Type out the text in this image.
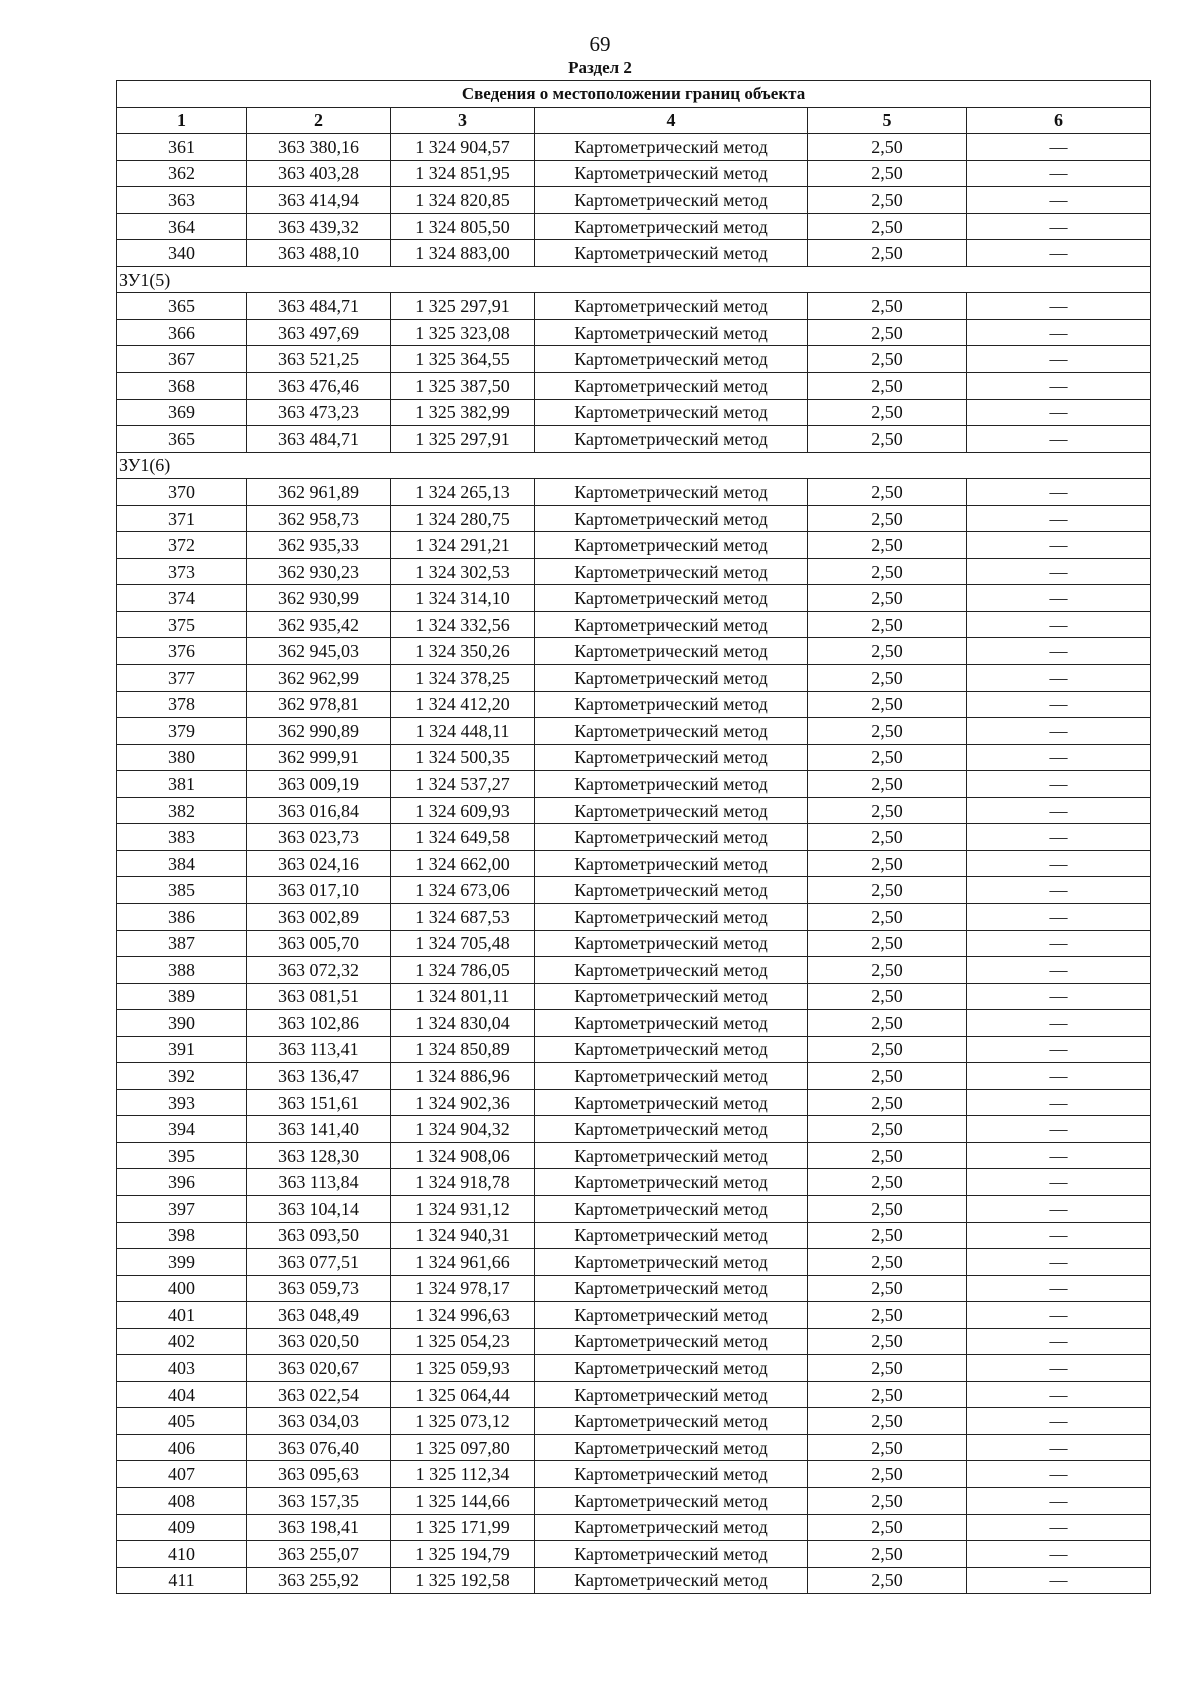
69
Раздел 2
Сведения о местоположении границ объекта					
1	2	3	4	5	6
361	363 380,16	1 324 904,57	Картометрический метод	2,50	—
362	363 403,28	1 324 851,95	Картометрический метод	2,50	—
363	363 414,94	1 324 820,85	Картометрический метод	2,50	—
364	363 439,32	1 324 805,50	Картометрический метод	2,50	—
340	363 488,10	1 324 883,00	Картометрический метод	2,50	—
ЗУ1(5)					
365	363 484,71	1 325 297,91	Картометрический метод	2,50	—
366	363 497,69	1 325 323,08	Картометрический метод	2,50	—
367	363 521,25	1 325 364,55	Картометрический метод	2,50	—
368	363 476,46	1 325 387,50	Картометрический метод	2,50	—
369	363 473,23	1 325 382,99	Картометрический метод	2,50	—
365	363 484,71	1 325 297,91	Картометрический метод	2,50	—
ЗУ1(6)					
370	362 961,89	1 324 265,13	Картометрический метод	2,50	—
371	362 958,73	1 324 280,75	Картометрический метод	2,50	—
372	362 935,33	1 324 291,21	Картометрический метод	2,50	—
373	362 930,23	1 324 302,53	Картометрический метод	2,50	—
374	362 930,99	1 324 314,10	Картометрический метод	2,50	—
375	362 935,42	1 324 332,56	Картометрический метод	2,50	—
376	362 945,03	1 324 350,26	Картометрический метод	2,50	—
377	362 962,99	1 324 378,25	Картометрический метод	2,50	—
378	362 978,81	1 324 412,20	Картометрический метод	2,50	—
379	362 990,89	1 324 448,11	Картометрический метод	2,50	—
380	362 999,91	1 324 500,35	Картометрический метод	2,50	—
381	363 009,19	1 324 537,27	Картометрический метод	2,50	—
382	363 016,84	1 324 609,93	Картометрический метод	2,50	—
383	363 023,73	1 324 649,58	Картометрический метод	2,50	—
384	363 024,16	1 324 662,00	Картометрический метод	2,50	—
385	363 017,10	1 324 673,06	Картометрический метод	2,50	—
386	363 002,89	1 324 687,53	Картометрический метод	2,50	—
387	363 005,70	1 324 705,48	Картометрический метод	2,50	—
388	363 072,32	1 324 786,05	Картометрический метод	2,50	—
389	363 081,51	1 324 801,11	Картометрический метод	2,50	—
390	363 102,86	1 324 830,04	Картометрический метод	2,50	—
391	363 113,41	1 324 850,89	Картометрический метод	2,50	—
392	363 136,47	1 324 886,96	Картометрический метод	2,50	—
393	363 151,61	1 324 902,36	Картометрический метод	2,50	—
394	363 141,40	1 324 904,32	Картометрический метод	2,50	—
395	363 128,30	1 324 908,06	Картометрический метод	2,50	—
396	363 113,84	1 324 918,78	Картометрический метод	2,50	—
397	363 104,14	1 324 931,12	Картометрический метод	2,50	—
398	363 093,50	1 324 940,31	Картометрический метод	2,50	—
399	363 077,51	1 324 961,66	Картометрический метод	2,50	—
400	363 059,73	1 324 978,17	Картометрический метод	2,50	—
401	363 048,49	1 324 996,63	Картометрический метод	2,50	—
402	363 020,50	1 325 054,23	Картометрический метод	2,50	—
403	363 020,67	1 325 059,93	Картометрический метод	2,50	—
404	363 022,54	1 325 064,44	Картометрический метод	2,50	—
405	363 034,03	1 325 073,12	Картометрический метод	2,50	—
406	363 076,40	1 325 097,80	Картометрический метод	2,50	—
407	363 095,63	1 325 112,34	Картометрический метод	2,50	—
408	363 157,35	1 325 144,66	Картометрический метод	2,50	—
409	363 198,41	1 325 171,99	Картометрический метод	2,50	—
410	363 255,07	1 325 194,79	Картометрический метод	2,50	—
411	363 255,92	1 325 192,58	Картометрический метод	2,50	—
